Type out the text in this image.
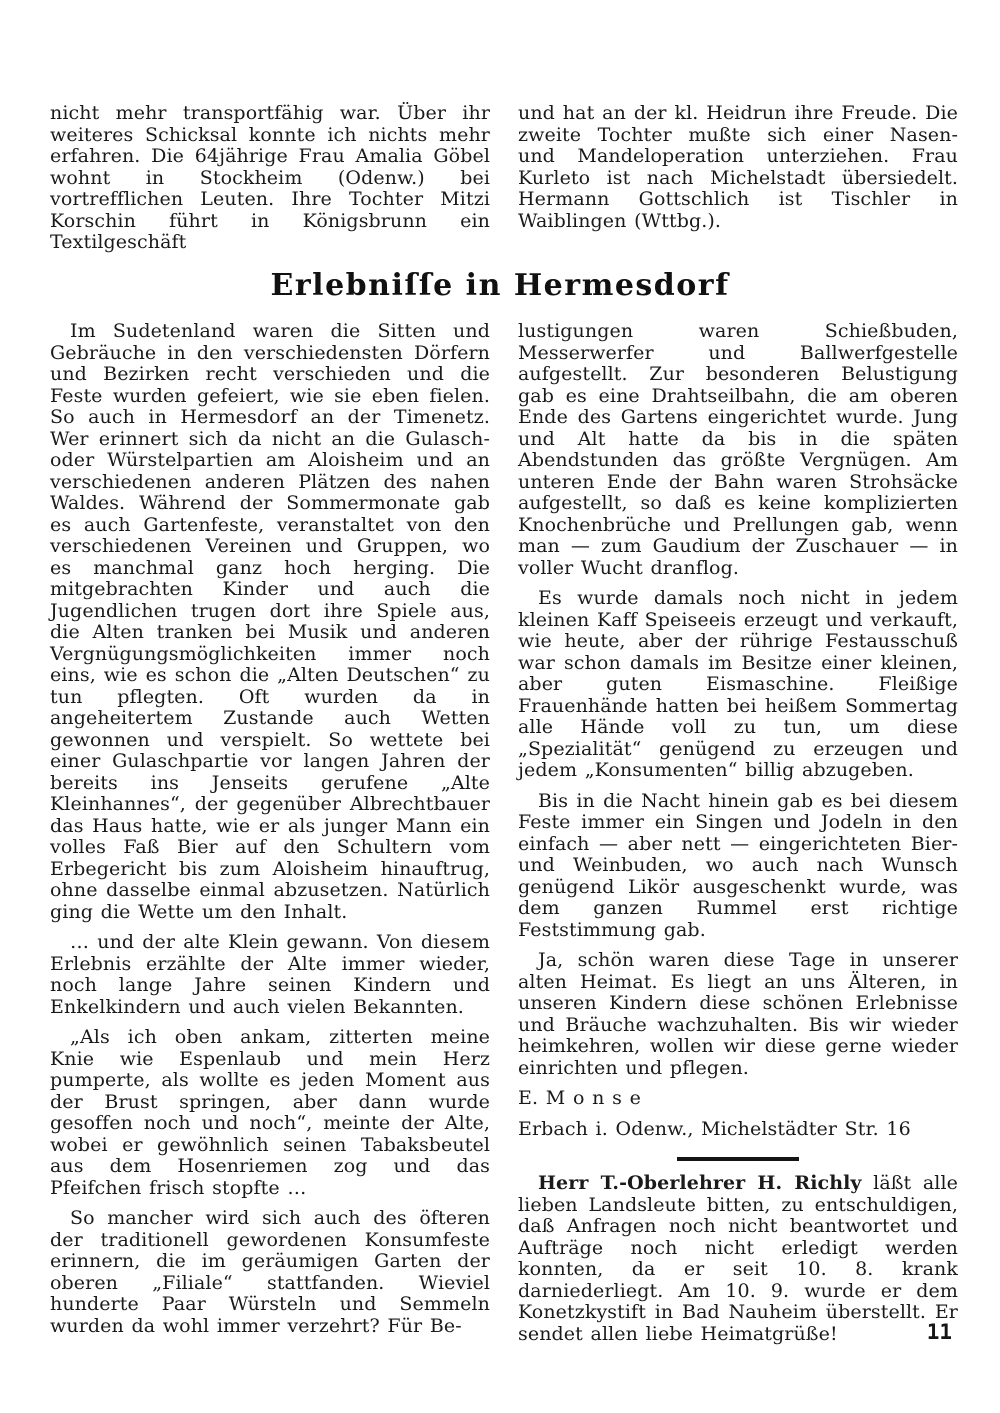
nicht mehr transportfähig war. Über ihr weiteres Schicksal konnte ich nichts mehr erfahren. Die 64jährige Frau Amalia Göbel wohnt in Stockheim (Odenw.) bei vortrefflichen Leuten. Ihre Tochter Mitzi Korschin führt in Königsbrunn ein Textilgeschäft

und hat an der kl. Heidrun ihre Freude. Die zweite Tochter mußte sich einer Nasen- und Mandeloperation unterziehen. Frau Kurleto ist nach Michelstadt übersiedelt. Hermann Gottschlich ist Tischler in Waiblingen (Wttbg.).

Erlebniſſe in Hermesdorf

Im Sudetenland waren die Sitten und Gebräuche in den verschiedensten Dörfern und Bezirken recht verschieden und die Feste wurden gefeiert, wie sie eben fielen. So auch in Hermesdorf an der Timenetz. Wer erinnert sich da nicht an die Gulasch- oder Würstelpartien am Aloisheim und an verschiedenen anderen Plätzen des nahen Waldes. Während der Sommermonate gab es auch Gartenfeste, veranstaltet von den verschiedenen Vereinen und Gruppen, wo es manchmal ganz hoch herging. Die mitgebrachten Kinder und auch die Jugendlichen trugen dort ihre Spiele aus, die Alten tranken bei Musik und anderen Vergnügungsmöglichkeiten immer noch eins, wie es schon die „Alten Deutschen“ zu tun pflegten. Oft wurden da in angeheitertem Zustande auch Wetten gewonnen und verspielt. So wettete bei einer Gulaschpartie vor langen Jahren der bereits ins Jenseits gerufene „Alte Kleinhannes“, der gegenüber Albrechtbauer das Haus hatte, wie er als junger Mann ein volles Faß Bier auf den Schultern vom Erbegericht bis zum Aloisheim hinauftrug, ohne dasselbe einmal abzusetzen. Natürlich ging die Wette um den Inhalt.

… und der alte Klein gewann. Von diesem Erlebnis erzählte der Alte immer wieder, noch lange Jahre seinen Kindern und Enkelkindern und auch vielen Bekannten.

„Als ich oben ankam, zitterten meine Knie wie Espenlaub und mein Herz pumperte, als wollte es jeden Moment aus der Brust springen, aber dann wurde gesoffen noch und noch“, meinte der Alte, wobei er gewöhnlich seinen Tabaksbeutel aus dem Hosenriemen zog und das Pfeifchen frisch stopfte …

So mancher wird sich auch des öfteren der traditionell gewordenen Konsumfeste erinnern, die im geräumigen Garten der oberen „Filiale“ stattfanden. Wieviel hunderte Paar Würsteln und Semmeln wurden da wohl immer verzehrt? Für Be-

lustigungen waren Schießbuden, Messerwerfer und Ballwerfgestelle aufgestellt. Zur besonderen Belustigung gab es eine Drahtseilbahn, die am oberen Ende des Gartens eingerichtet wurde. Jung und Alt hatte da bis in die späten Abendstunden das größte Vergnügen. Am unteren Ende der Bahn waren Strohsäcke aufgestellt, so daß es keine komplizierten Knochenbrüche und Prellungen gab, wenn man — zum Gaudium der Zuschauer — in voller Wucht dranflog.

Es wurde damals noch nicht in jedem kleinen Kaff Speiseeis erzeugt und verkauft, wie heute, aber der rührige Festausschuß war schon damals im Besitze einer kleinen, aber guten Eismaschine. Fleißige Frauenhände hatten bei heißem Sommertag alle Hände voll zu tun, um diese „Spezialität“ genügend zu erzeugen und jedem „Konsumenten“ billig abzugeben.

Bis in die Nacht hinein gab es bei diesem Feste immer ein Singen und Jodeln in den einfach — aber nett — eingerichteten Bier- und Weinbuden, wo auch nach Wunsch genügend Likör ausgeschenkt wurde, was dem ganzen Rummel erst richtige Feststimmung gab.

Ja, schön waren diese Tage in unserer alten Heimat. Es liegt an uns Älteren, in unseren Kindern diese schönen Erlebnisse und Bräuche wachzuhalten. Bis wir wieder heimkehren, wollen wir diese gerne wieder einrichten und pflegen.

E. M o n s e

Erbach i. Odenw., Michelstädter Str. 16

Herr T.-Oberlehrer H. Richly läßt alle lieben Landsleute bitten, zu entschuldigen, daß Anfragen noch nicht beantwortet und Aufträge noch nicht erledigt werden konnten, da er seit 10. 8. krank darniederliegt. Am 10. 9. wurde er dem Konetzkystift in Bad Nauheim überstellt. Er sendet allen liebe Heimatgrüße!	11
